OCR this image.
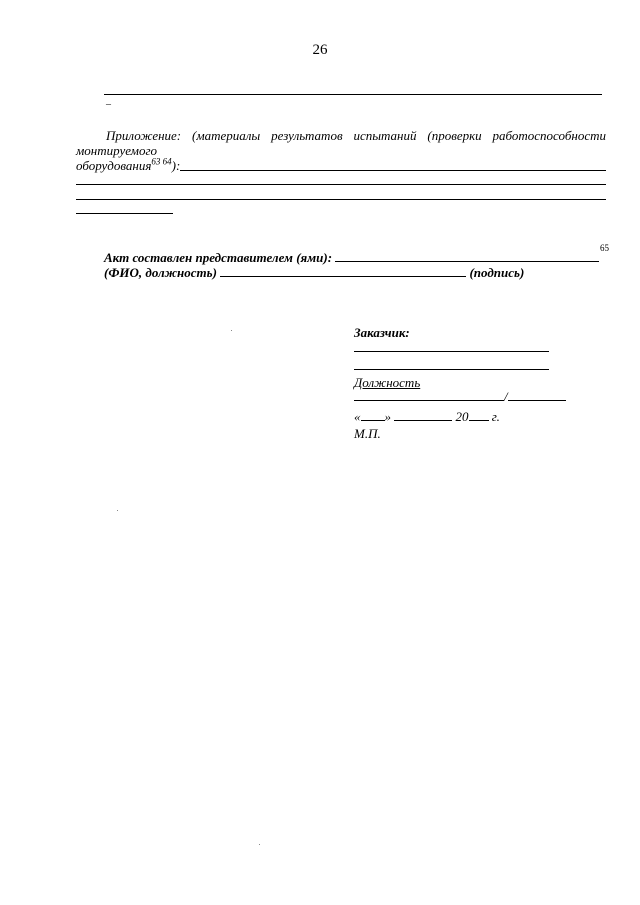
26
–
Приложение: (материалы результатов испытаний (проверки работоспособности
монтируемого
оборудования$^{63 64}$):
Акт составлен представителем (ями):
65
(ФИО, должность)	(подпись)
Заказчик:
Должность
/
« »	20 г.
М.П.
